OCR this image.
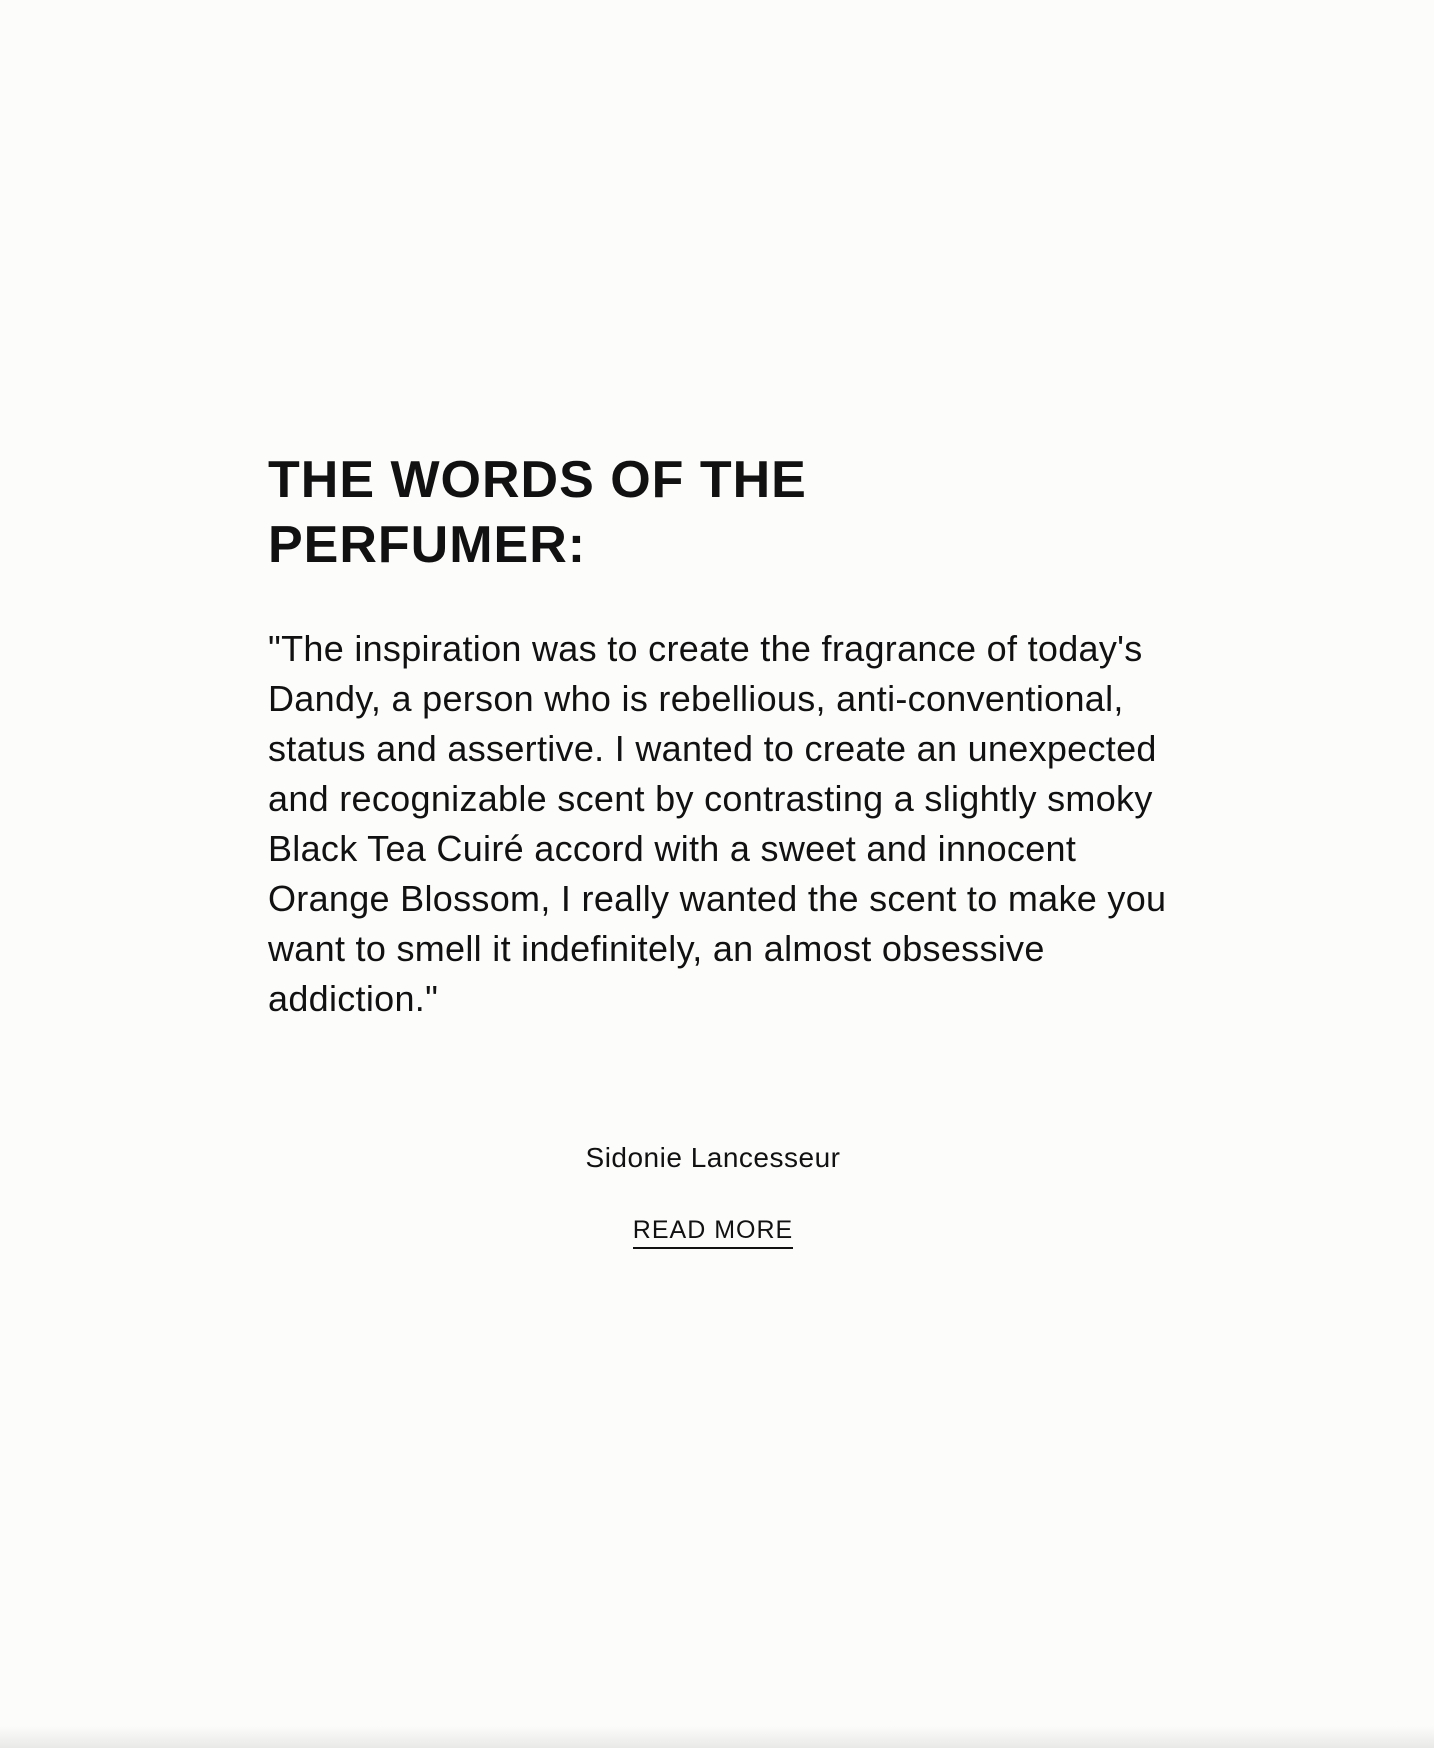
THE WORDS OF THE PERFUMER:

"The inspiration was to create the fragrance of today's Dandy, a person who is rebellious, anti-conventional, status and assertive. I wanted to create an unexpected and recognizable scent by contrasting a slightly smoky Black Tea Cuiré accord with a sweet and innocent Orange Blossom, I really wanted the scent to make you want to smell it indefinitely, an almost obsessive addiction."

Sidonie Lancesseur

READ MORE
